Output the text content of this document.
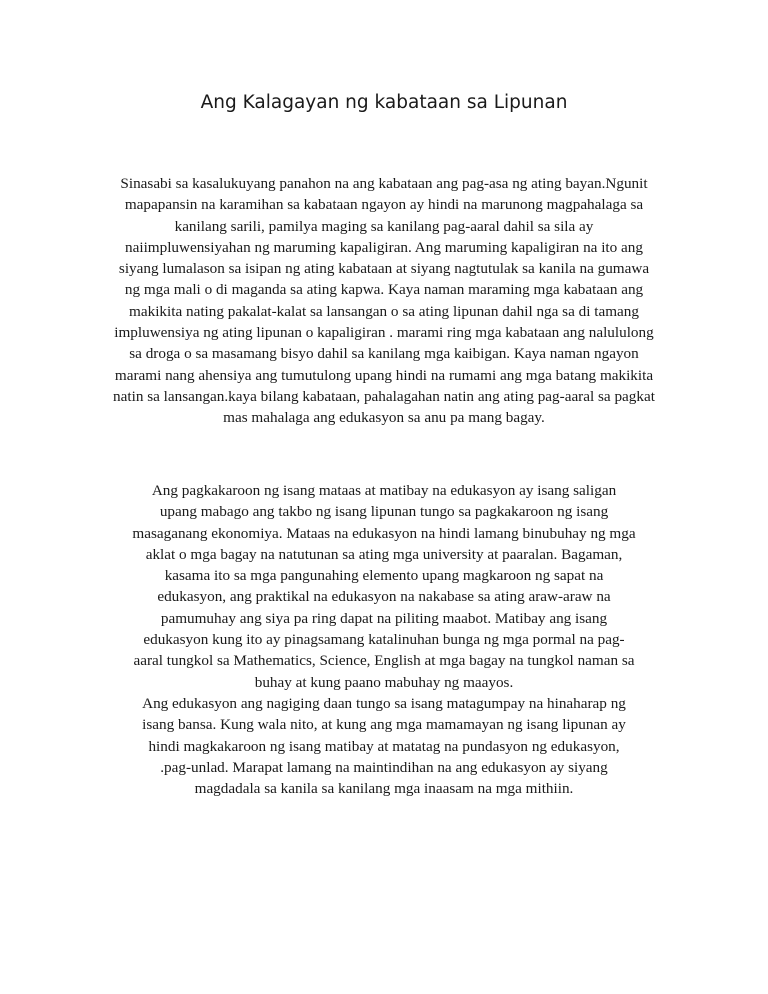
Ang Kalagayan ng kabataan sa Lipunan

Sinasabi sa kasalukuyang panahon na ang kabataan ang pag-asa ng ating bayan.Ngunit
mapapansin na karamihan sa kabataan ngayon ay hindi na marunong magpahalaga sa
kanilang sarili, pamilya maging sa kanilang pag-aaral dahil sa sila ay
naiimpluwensiyahan ng maruming kapaligiran. Ang maruming kapaligiran na ito ang
siyang lumalason sa isipan ng ating kabataan at siyang nagtutulak sa kanila na gumawa
ng mga mali o di maganda sa ating kapwa. Kaya naman maraming mga kabataan ang
makikita nating pakalat-kalat sa lansangan o sa ating lipunan dahil nga sa di tamang
impluwensiya ng ating lipunan o kapaligiran . marami ring mga kabataan ang nalululong
sa droga o sa masamang bisyo dahil sa kanilang mga kaibigan. Kaya naman ngayon
marami nang ahensiya ang tumutulong upang hindi na rumami ang mga batang makikita
natin sa lansangan.kaya bilang kabataan, pahalagahan natin ang ating pag-aaral sa pagkat
mas mahalaga ang edukasyon sa anu pa mang bagay.

Ang pagkakaroon ng isang mataas at matibay na edukasyon ay isang saligan
upang mabago ang takbo ng isang lipunan tungo sa pagkakaroon ng isang
masaganang ekonomiya. Mataas na edukasyon na hindi lamang binubuhay ng mga
aklat o mga bagay na natutunan sa ating mga university at paaralan. Bagaman,
kasama ito sa mga pangunahing elemento upang magkaroon ng sapat na
edukasyon, ang praktikal na edukasyon na nakabase sa ating araw-araw na
pamumuhay ang siya pa ring dapat na piliting maabot. Matibay ang isang
edukasyon kung ito ay pinagsamang katalinuhan bunga ng mga pormal na pag-
aaral tungkol sa Mathematics, Science, English at mga bagay na tungkol naman sa
buhay at kung paano mabuhay ng maayos.
Ang edukasyon ang nagiging daan tungo sa isang matagumpay na hinaharap ng
isang bansa. Kung wala nito, at kung ang mga mamamayan ng isang lipunan ay
hindi magkakaroon ng isang matibay at matatag na pundasyon ng edukasyon,
.pag-unlad. Marapat lamang na maintindihan na ang edukasyon ay siyang
magdadala sa kanila sa kanilang mga inaasam na mga mithiin.
